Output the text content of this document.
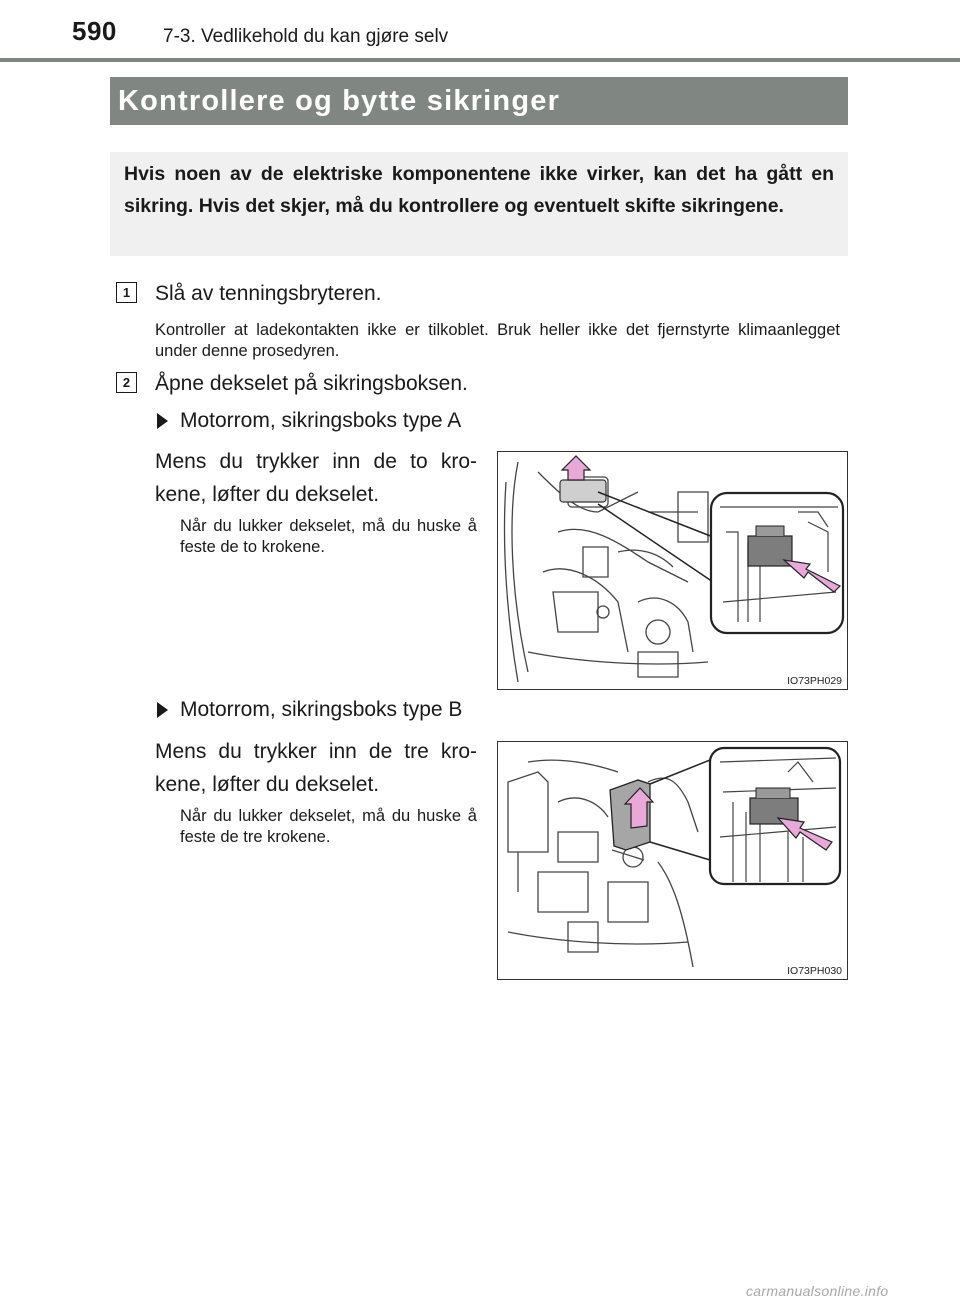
590 7-3. Vedlikehold du kan gjøre selv
Kontrollere og bytte sikringer
Hvis noen av de elektriske komponentene ikke virker, kan det ha gått en sikring. Hvis det skjer, må du kontrollere og eventuelt skifte sikringene.
1	Slå av tenningsbryteren.
Kontroller at ladekontakten ikke er tilkoblet. Bruk heller ikke det fjernstyrte klimaanlegget under denne prosedyren.
2	Åpne dekselet på sikringsboksen.
Motorrom, sikringsboks type A
Mens du trykker inn de to kro-kene, løfter du dekselet.
Når du lukker dekselet, må du huske å feste de to krokene.
IO73PH029
Motorrom, sikringsboks type B
Mens du trykker inn de tre kro-kene, løfter du dekselet.
Når du lukker dekselet, må du huske å feste de tre krokene.
IO73PH030
carmanualsonline.info
